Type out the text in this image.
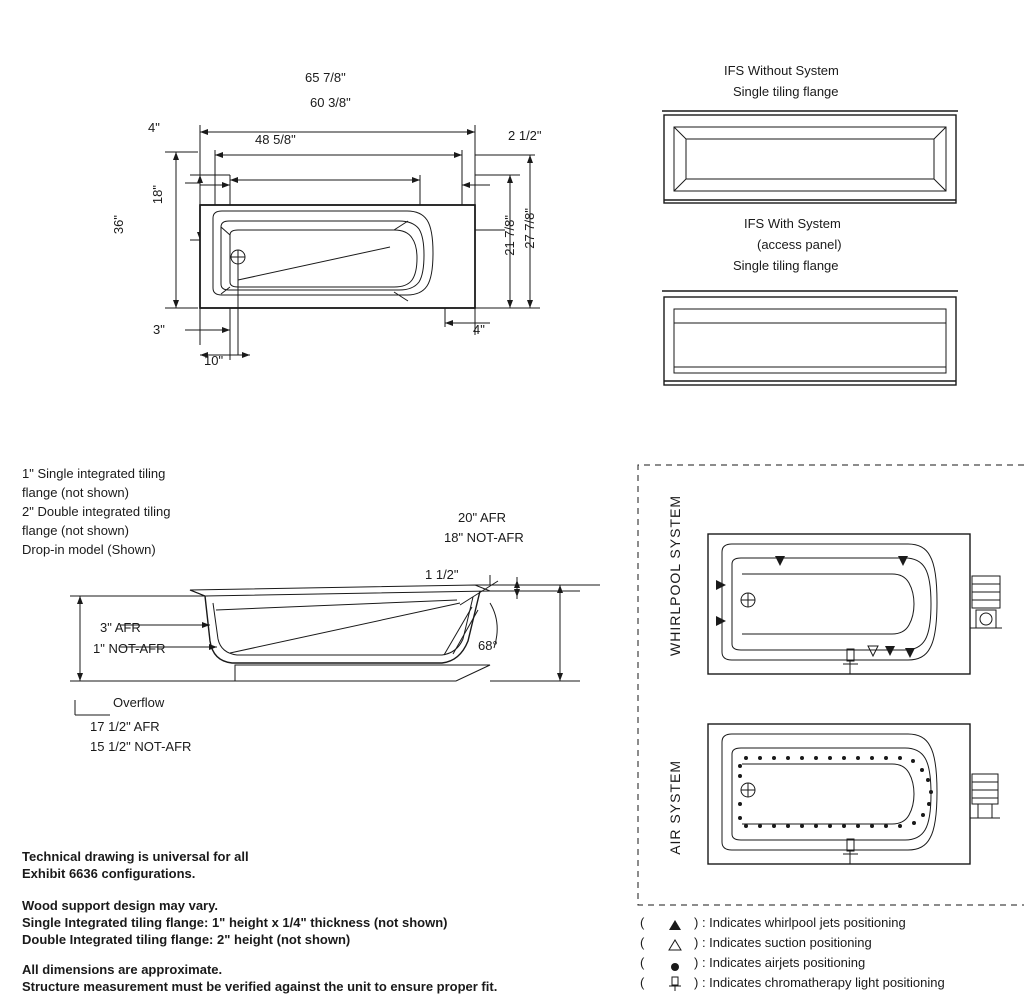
65 7/8"
60 3/8"
48 5/8"
4"
2 1/2"
18"
36"	21 7/8" 27 7/8"
3"	4"
10"
IFS Without System
Single tiling flange
IFS With System
(access panel)
Single tiling flange
1" Single integrated tiling
flange (not shown)
2" Double integrated tiling
flange (not shown)
Drop-in model (Shown)
20" AFR
18" NOT-AFR
1 1/2"
68°
3" AFR
1" NOT-AFR
Overflow
17 1/2" AFR
15 1/2" NOT-AFR
Technical drawing is universal for all
Exhibit 6636 configurations.
Wood support design may vary.
Single Integrated tiling flange: 1" height x 1/4" thickness (not shown)
Double Integrated tiling flange: 2" height (not shown)
All dimensions are approximate.
Structure measurement must be verified against the unit to ensure proper fit.
WHIRLPOOL SYSTEM
AIR SYSTEM
(	) : Indicates whirlpool jets positioning
(	) : Indicates suction positioning
(	) : Indicates airjets positioning
(	) : Indicates chromatherapy light positioning
